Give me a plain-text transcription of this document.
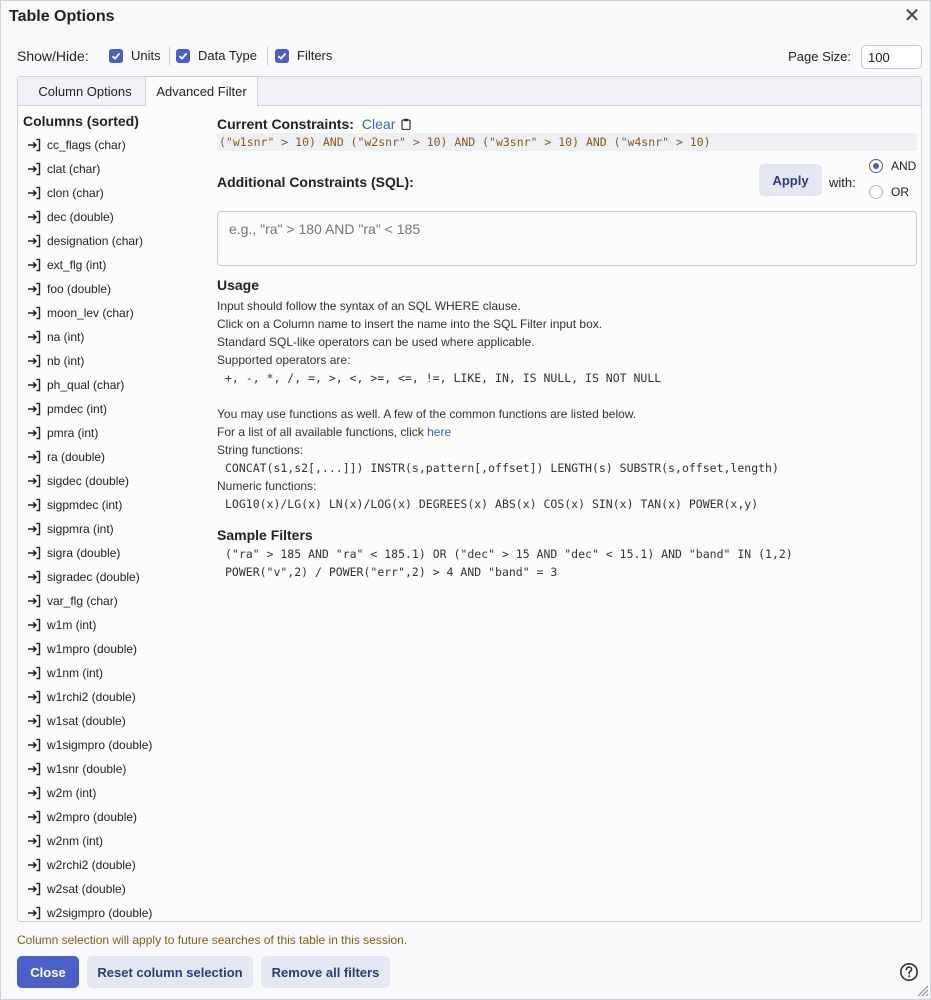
Table Options	✕
Show/Hide:	Units	Data Type	Filters	Page Size:
100
Column Options	Advanced Filter
Columns (sorted)
cc_flags (char)
clat (char)
clon (char)
dec (double)
designation (char)
ext_flg (int)
foo (double)
moon_lev (char)
na (int)
nb (int)
ph_qual (char)
pmdec (int)
pmra (int)
ra (double)
sigdec (double)
sigpmdec (int)
sigpmra (int)
sigra (double)
sigradec (double)
var_flg (char)
w1m (int)
w1mpro (double)
w1nm (int)
w1rchi2 (double)
w1sat (double)
w1sigmpro (double)
w1snr (double)
w2m (int)
w2mpro (double)
w2nm (int)
w2rchi2 (double)
w2sat (double)
w2sigmpro (double)
Current Constraints: Clear
("w1snr" > 10) AND ("w2snr" > 10) AND ("w3snr" > 10) AND ("w4snr" > 10)
Additional Constraints (SQL):	Apply	with:
AND
OR
e.g., "ra" > 180 AND "ra" < 185
Usage
Input should follow the syntax of an SQL WHERE clause.
Click on a Column name to insert the name into the SQL Filter input box.
Standard SQL-like operators can be used where applicable.
Supported operators are:
+, -, *, /, =, >, <, >=, <=, !=, LIKE, IN, IS NULL, IS NOT NULL
You may use functions as well. A few of the common functions are listed below.
For a list of all available functions, click here
String functions:
CONCAT(s1,s2[,...]]) INSTR(s,pattern[,offset]) LENGTH(s) SUBSTR(s,offset,length)
Numeric functions:
LOG10(x)/LG(x) LN(x)/LOG(x) DEGREES(x) ABS(x) COS(x) SIN(x) TAN(x) POWER(x,y)
Sample Filters
("ra" > 185 AND "ra" < 185.1) OR ("dec" > 15 AND "dec" < 15.1) AND "band" IN (1,2)
POWER("v",2) / POWER("err",2) > 4 AND "band" = 3
Column selection will apply to future searches of this table in this session.
Close	Reset column selection	Remove all filters
